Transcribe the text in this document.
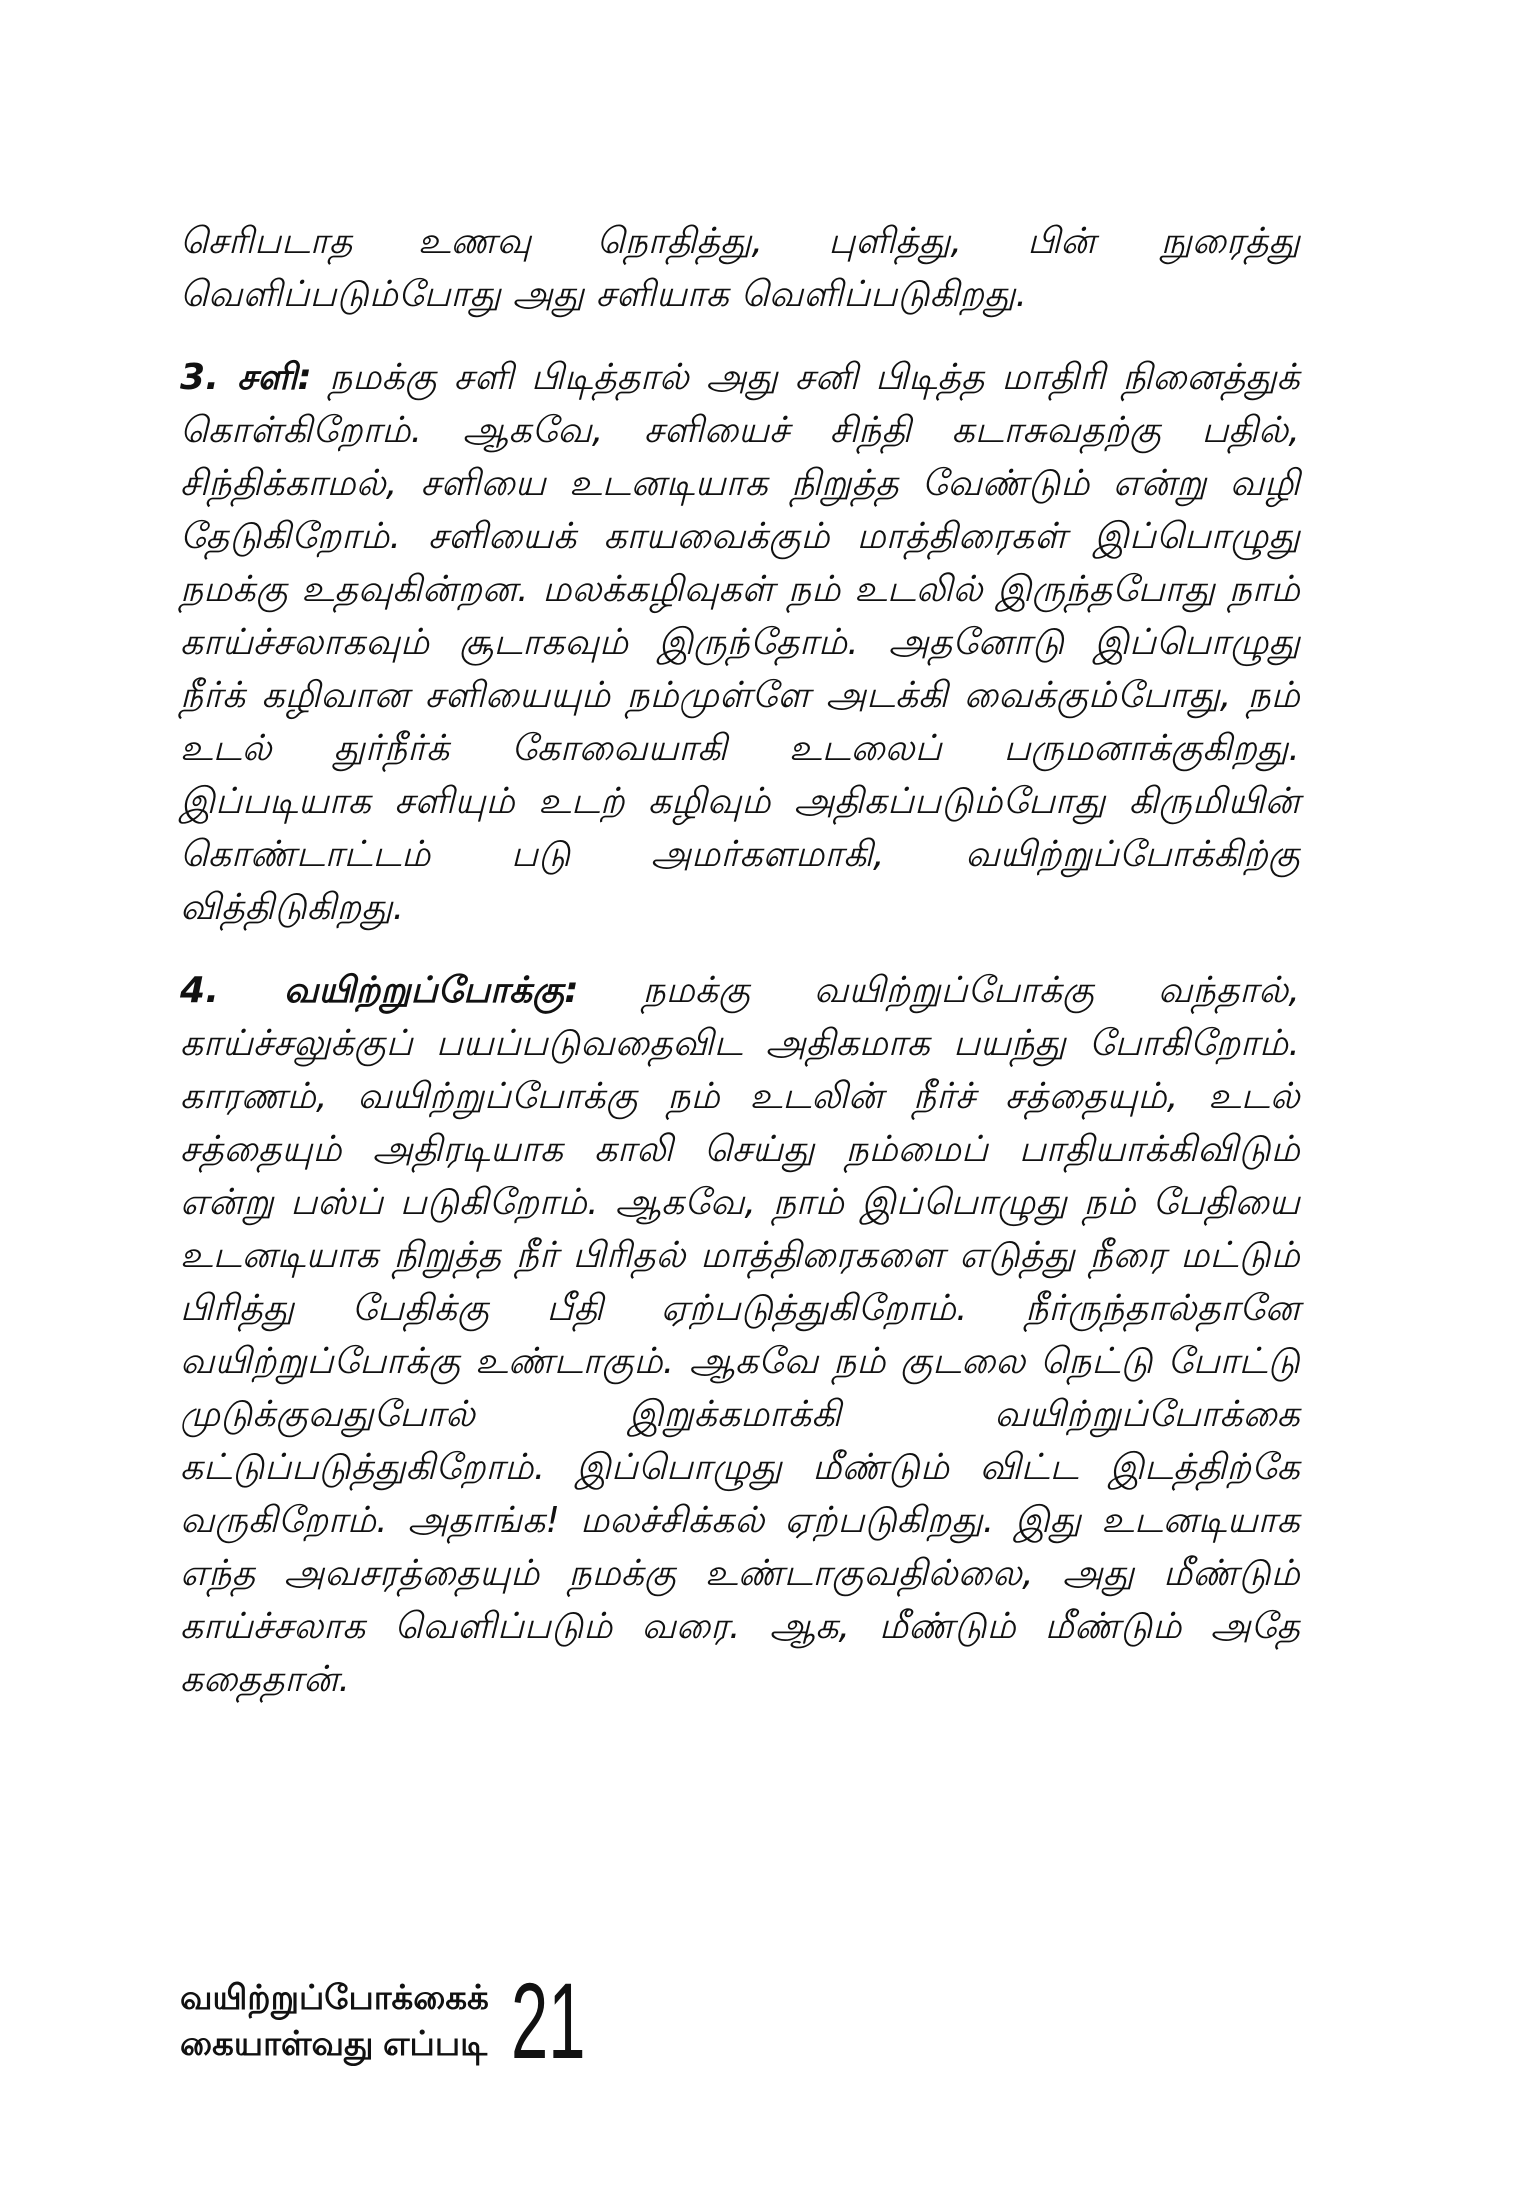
செரிபடாத உணவு நொதித்து, புளித்து, பின் நுரைத்து வெளிப்படும்போது அது சளியாக வெளிப்படுகிறது.

3. சளி: நமக்கு சளி பிடித்தால் அது சனி பிடித்த மாதிரி நினைத்துக் கொள்கிறோம். ஆகவே, சளியைச் சிந்தி கடாசுவதற்கு பதில், சிந்திக்காமல், சளியை உடனடியாக நிறுத்த வேண்டும் என்று வழி தேடுகிறோம். சளியைக் காயவைக்கும் மாத்திரைகள் இப்பொழுது நமக்கு உதவுகின்றன. மலக்கழிவுகள் நம் உடலில் இருந்தபோது நாம் காய்ச்சலாகவும் சூடாகவும் இருந்தோம். அதனோடு இப்பொழுது நீர்க் கழிவான சளியையும் நம்முள்ளே அடக்கி வைக்கும்போது, நம் உடல் துர்நீர்க் கோவையாகி உடலைப் பருமனாக்குகிறது. இப்படியாக சளியும் உடற் கழிவும் அதிகப்படும்போது கிருமியின் கொண்டாட்டம் படு அமர்களமாகி, வயிற்றுப்போக்கிற்கு வித்திடுகிறது.

4. வயிற்றுப்போக்கு: நமக்கு வயிற்றுப்போக்கு வந்தால், காய்ச்சலுக்குப் பயப்படுவதைவிட அதிகமாக பயந்து போகிறோம். காரணம், வயிற்றுப்போக்கு நம் உடலின் நீர்ச் சத்தையும், உடல் சத்தையும் அதிரடியாக காலி செய்து நம்மைப் பாதியாக்கிவிடும் என்று பஸ்ப் படுகிறோம். ஆகவே, நாம் இப்பொழுது நம் பேதியை உடனடியாக நிறுத்த நீர் பிரிதல் மாத்திரைகளை எடுத்து நீரை மட்டும் பிரித்து பேதிக்கு பீதி ஏற்படுத்துகிறோம். நீர்ருந்தால்தானே வயிற்றுப்போக்கு உண்டாகும். ஆகவே நம் குடலை நெட்டு போட்டு முடுக்குவதுபோல் இறுக்கமாக்கி வயிற்றுப்போக்கை கட்டுப்படுத்துகிறோம். இப்பொழுது மீண்டும் விட்ட இடத்திற்கே வருகிறோம். அதாங்க! மலச்சிக்கல் ஏற்படுகிறது. இது உடனடியாக எந்த அவசரத்தையும் நமக்கு உண்டாகுவதில்லை, அது மீண்டும் காய்ச்சலாக வெளிப்படும் வரை. ஆக, மீண்டும் மீண்டும் அதே கதைதான்.

வயிற்றுப்போக்கைக்
கையாள்வது எப்படி 21
